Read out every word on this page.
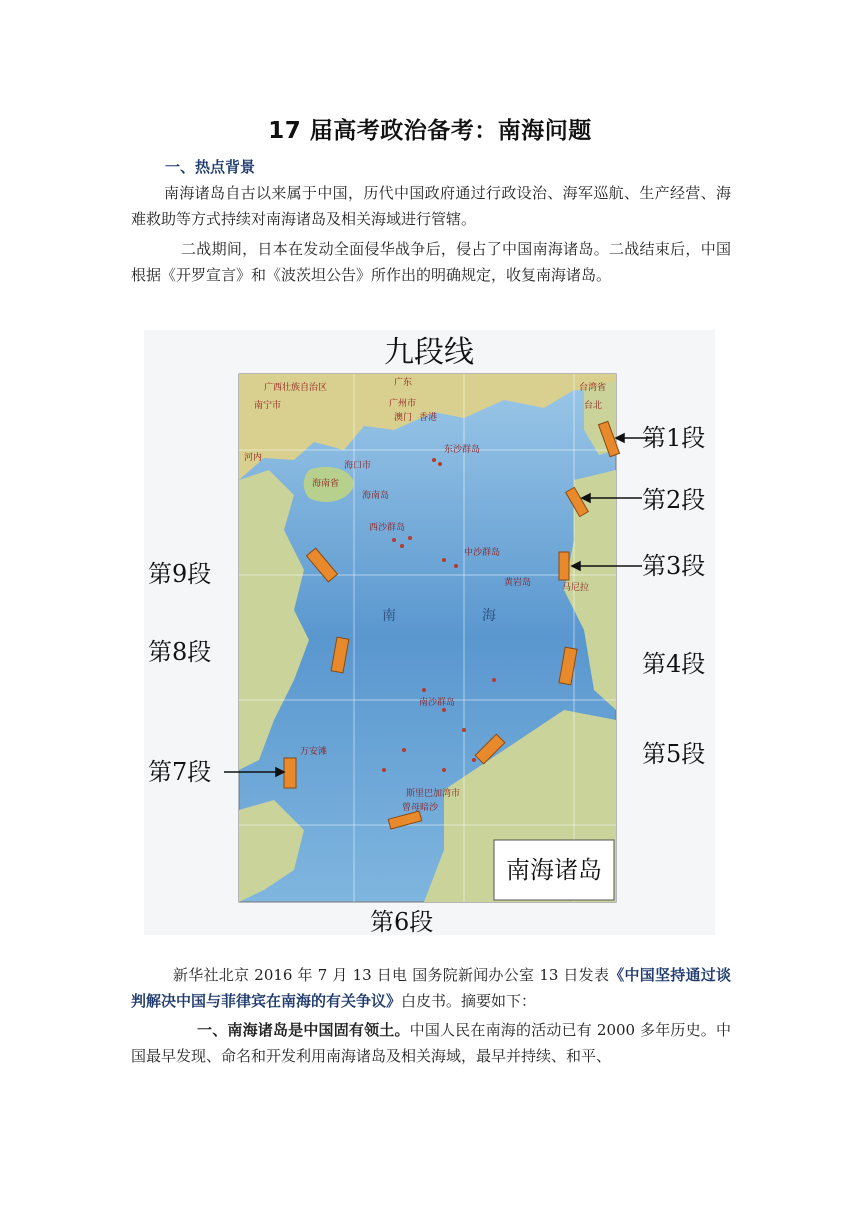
17 届高考政治备考：南海问题
一、热点背景
南海诸岛自古以来属于中国，历代中国政府通过行政设治、海军巡航、生产经营、海难救助等方式持续对南海诸岛及相关海域进行管辖。
二战期间，日本在发动全面侵华战争后，侵占了中国南海诸岛。二战结束后，中国根据《开罗宣言》和《波茨坦公告》所作出的明确规定，收复南海诸岛。
广西壮族自治区	广东
南宁市	广州市
澳门 香港
台湾省
台北
海口市
海南省
海南岛
河内
东沙群岛
西沙群岛
中沙群岛
黄岩岛	马尼拉
南沙群岛
万安滩
曾母暗沙
斯里巴加湾市
南	海
九段线
南海诸岛
第1段
第2段
第3段
第4段
第5段
第6段
第7段
第8段
第9段
新华社北京 2016 年 7 月 13 日电 国务院新闻办公室 13 日发表《中国坚持通过谈判解决中国与菲律宾在南海的有关争议》白皮书。摘要如下：
一、南海诸岛是中国固有领土。中国人民在南海的活动已有 2000 多年历史。中国最早发现、命名和开发利用南海诸岛及相关海域，最早并持续、和平、
